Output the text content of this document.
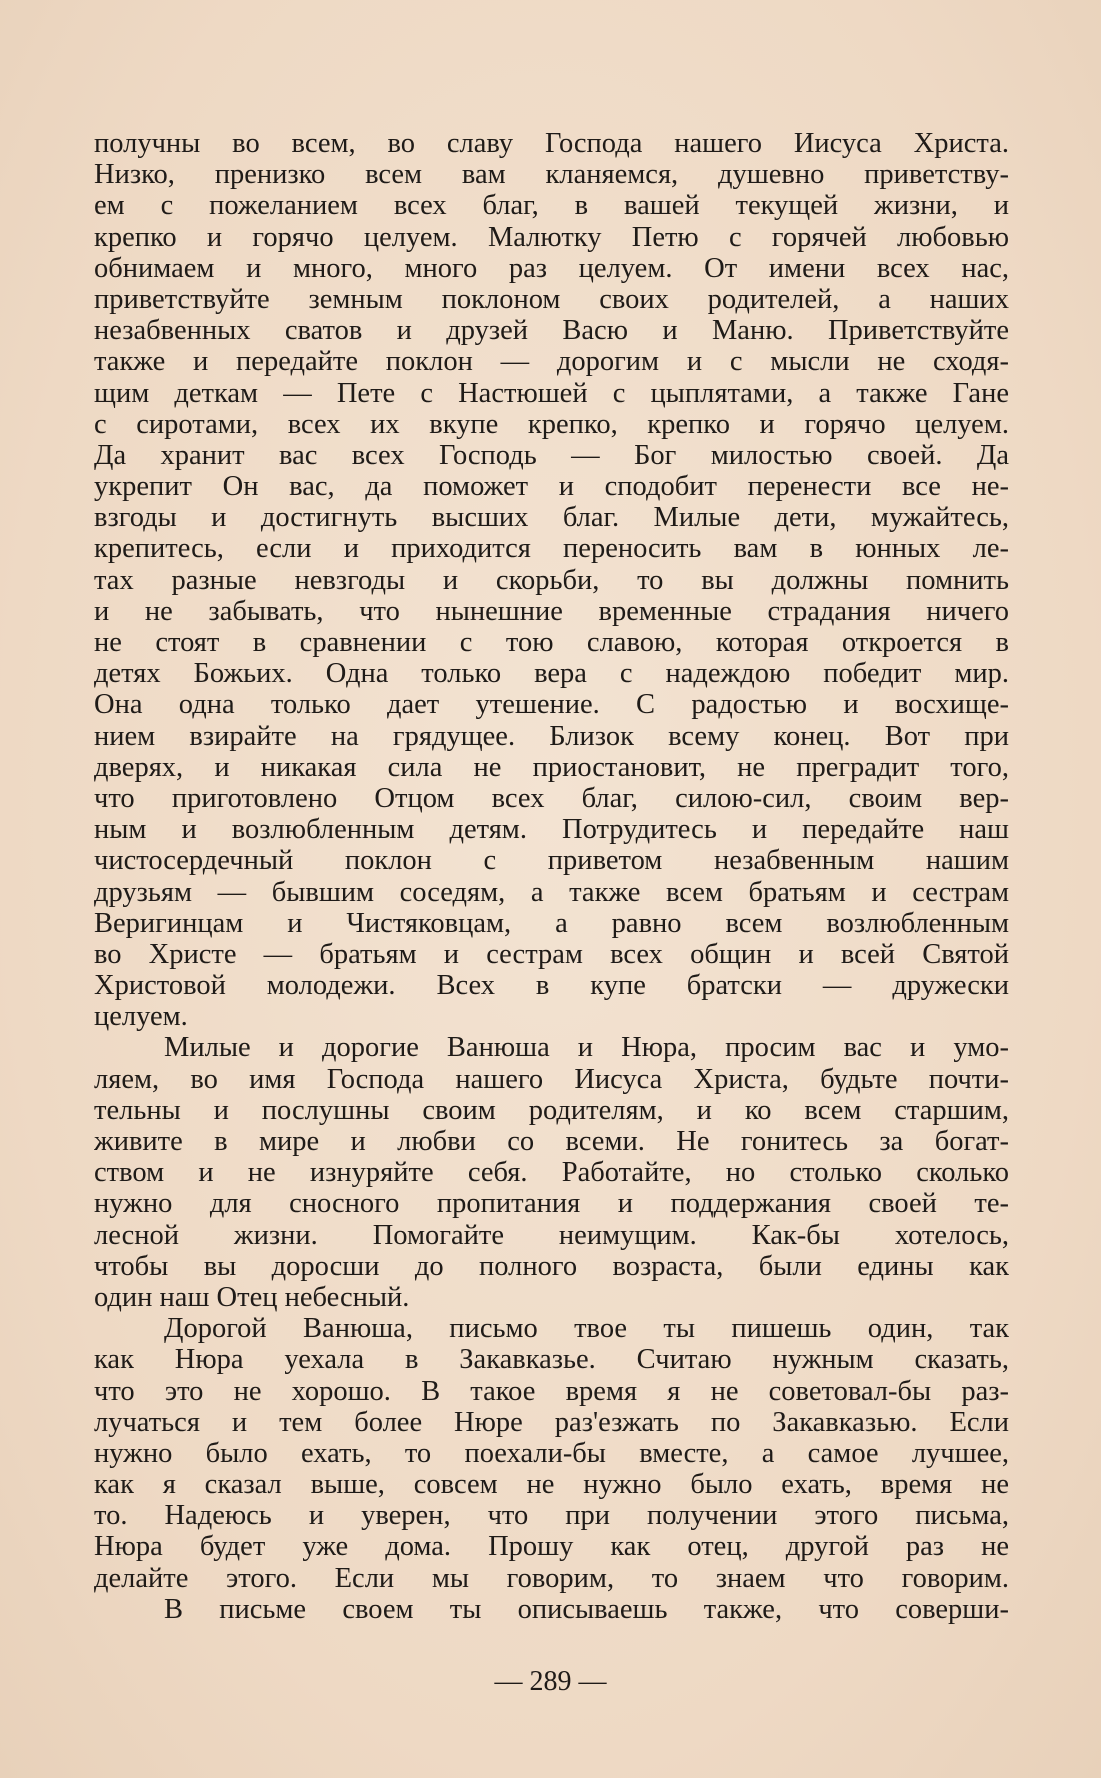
получны во всем, во славу Господа нашего Иисуса Христа.
Низко, пренизко всем вам кланяемся, душевно приветству-
ем с пожеланием всех благ, в вашей текущей жизни, и
крепко и горячо целуем. Малютку Петю с горячей любовью
обнимаем и много, много раз целуем. От имени всех нас,
приветствуйте земным поклоном своих родителей, а наших
незабвенных сватов и друзей Васю и Маню. Приветствуйте
также и передайте поклон — дорогим и с мысли не сходя-
щим деткам — Пете с Настюшей с цыплятами, а также Гане
с сиротами, всех их вкупе крепко, крепко и горячо целуем.
Да хранит вас всех Господь — Бог милостью своей. Да
укрепит Он вас, да поможет и сподобит перенести все не-
взгоды и достигнуть высших благ. Милые дети, мужайтесь,
крепитесь, если и приходится переносить вам в юнных ле-
тах разные невзгоды и скорьби, то вы должны помнить
и не забывать, что нынешние временные страдания ничего
не стоят в сравнении с тою славою, которая откроется в
детях Божьих. Одна только вера с надеждою победит мир.
Она одна только дает утешение. С радостью и восхище-
нием взирайте на грядущее. Близок всему конец. Вот при
дверях, и никакая сила не приостановит, не преградит того,
что приготовлено Отцом всех благ, силою-сил, своим вер-
ным и возлюбленным детям. Потрудитесь и передайте наш
чистосердечный поклон с приветом незабвенным нашим
друзьям — бывшим соседям, а также всем братьям и сестрам
Веригинцам и Чистяковцам, а равно всем возлюбленным
во Христе — братьям и сестрам всех общин и всей Святой
Христовой молодежи. Всех в купе братски — дружески
целуем.
Милые и дорогие Ванюша и Нюра, просим вас и умо-
ляем, во имя Господа нашего Иисуса Христа, будьте почти-
тельны и послушны своим родителям, и ко всем старшим,
живите в мире и любви со всеми. Не гонитесь за богат-
ством и не изнуряйте себя. Работайте, но столько сколько
нужно для сносного пропитания и поддержания своей те-
лесной жизни. Помогайте неимущим. Как-бы хотелось,
чтобы вы доросши до полного возраста, были едины как
один наш Отец небесный.
Дорогой Ванюша, письмо твое ты пишешь один, так
как Нюра уехала в Закавказье. Считаю нужным сказать,
что это не хорошо. В такое время я не советовал-бы раз-
лучаться и тем более Нюре раз'езжать по Закавказью. Если
нужно было ехать, то поехали-бы вместе, а самое лучшее,
как я сказал выше, совсем не нужно было ехать, время не
то. Надеюсь и уверен, что при получении этого письма,
Нюра будет уже дома. Прошу как отец, другой раз не
делайте этого. Если мы говорим, то знаем что говорим.
В письме своем ты описываешь также, что соверши-
— 289 —
